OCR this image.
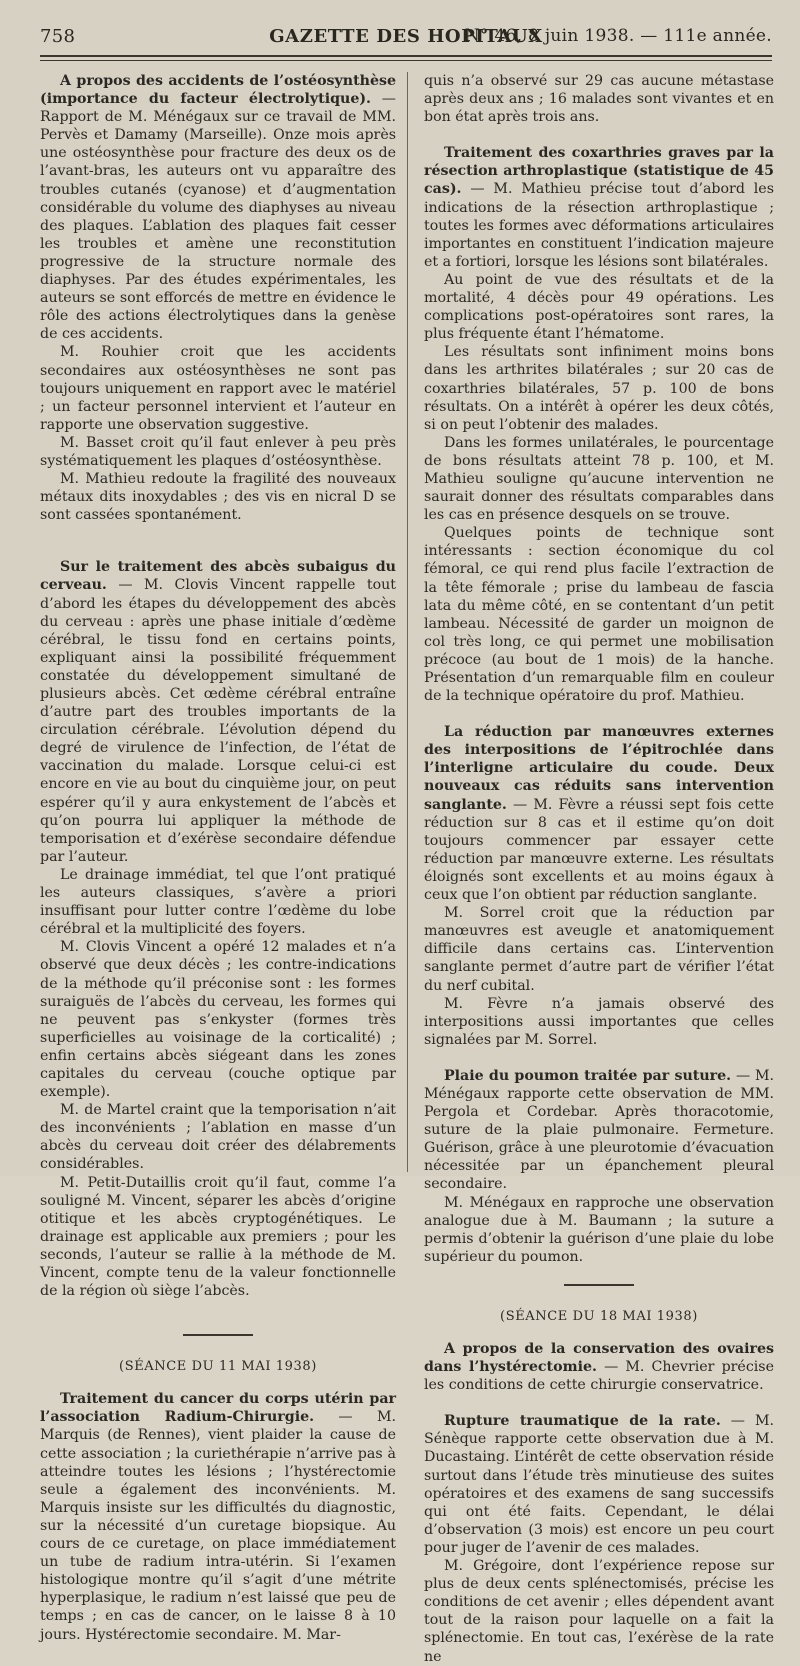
758	GAZETTE DES HOPITAUX
N° 46, 8 juin 1938. — 111e année.

A propos des accidents de l’ostéosynthèse (importance du facteur électrolytique). — Rapport de M. Ménégaux sur ce travail de MM. Pervès et Damamy (Marseille). Onze mois après une ostéosynthèse pour fracture des deux os de l’avant-bras, les auteurs ont vu apparaître des troubles cutanés (cyanose) et d’augmentation considérable du volume des diaphyses au niveau des plaques. L’ablation des plaques fait cesser les troubles et amène une reconstitution progressive de la structure normale des diaphyses. Par des études expérimentales, les auteurs se sont efforcés de mettre en évidence le rôle des actions électrolytiques dans la genèse de ces accidents.

M. Rouhier croit que les accidents secondaires aux ostéosynthèses ne sont pas toujours uniquement en rapport avec le matériel ; un facteur personnel intervient et l’auteur en rapporte une observation suggestive.

M. Basset croit qu’il faut enlever à peu près systématiquement les plaques d’ostéosynthèse.

M. Mathieu redoute la fragilité des nouveaux métaux dits inoxydables ; des vis en nicral D se sont cassées spontanément.

Sur le traitement des abcès subaigus du cerveau. — M. Clovis Vincent rappelle tout d’abord les étapes du développement des abcès du cerveau : après une phase initiale d’œdème cérébral, le tissu fond en certains points, expliquant ainsi la possibilité fréquemment constatée du développement simultané de plusieurs abcès. Cet œdème cérébral entraîne d’autre part des troubles importants de la circulation cérébrale. L’évolution dépend du degré de virulence de l’infection, de l’état de vaccination du malade. Lorsque celui-ci est encore en vie au bout du cinquième jour, on peut espérer qu’il y aura enkystement de l’abcès et qu’on pourra lui appliquer la méthode de temporisation et d’exérèse secondaire défendue par l’auteur.

Le drainage immédiat, tel que l’ont pratiqué les auteurs classiques, s’avère a priori insuffisant pour lutter contre l’œdème du lobe cérébral et la multiplicité des foyers.

M. Clovis Vincent a opéré 12 malades et n’a observé que deux décès ; les contre-indications de la méthode qu’il préconise sont : les formes suraiguës de l’abcès du cerveau, les formes qui ne peuvent pas s’enkyster (formes très superficielles au voisinage de la corticalité) ; enfin certains abcès siégeant dans les zones capitales du cerveau (couche optique par exemple).

M. de Martel craint que la temporisation n’ait des inconvénients ; l’ablation en masse d’un abcès du cerveau doit créer des délabrements considérables.

M. Petit-Dutaillis croit qu’il faut, comme l’a souligné M. Vincent, séparer les abcès d’origine otitique et les abcès cryptogénétiques. Le drainage est applicable aux premiers ; pour les seconds, l’auteur se rallie à la méthode de M. Vincent, compte tenu de la valeur fonctionnelle de la région où siège l’abcès.

(SÉANCE DU 11 MAI 1938)

Traitement du cancer du corps utérin par l’association Radium-Chirurgie. — M. Marquis (de Rennes), vient plaider la cause de cette association ; la curiethérapie n’arrive pas à atteindre toutes les lésions ; l’hystérectomie seule a également des inconvénients. M. Marquis insiste sur les difficultés du diagnostic, sur la nécessité d’un curetage biopsique. Au cours de ce curetage, on place immédiatement un tube de radium intra-utérin. Si l’examen histologique montre qu’il s’agit d’une métrite hyperplasique, le radium n’est laissé que peu de temps ; en cas de cancer, on le laisse 8 à 10 jours. Hystérectomie secondaire. M. Mar-

quis n’a observé sur 29 cas aucune métastase après deux ans ; 16 malades sont vivantes et en bon état après trois ans.

Traitement des coxarthries graves par la résection arthroplastique (statistique de 45 cas). — M. Mathieu précise tout d’abord les indications de la résection arthroplastique ; toutes les formes avec déformations articulaires importantes en constituent l’indication majeure et a fortiori, lorsque les lésions sont bilatérales.

Au point de vue des résultats et de la mortalité, 4 décès pour 49 opérations. Les complications post-opératoires sont rares, la plus fréquente étant l’hématome.

Les résultats sont infiniment moins bons dans les arthrites bilatérales ; sur 20 cas de coxarthries bilatérales, 57 p. 100 de bons résultats. On a intérêt à opérer les deux côtés, si on peut l’obtenir des malades.

Dans les formes unilatérales, le pourcentage de bons résultats atteint 78 p. 100, et M. Mathieu souligne qu’aucune intervention ne saurait donner des résultats comparables dans les cas en présence desquels on se trouve.

Quelques points de technique sont intéressants : section économique du col fémoral, ce qui rend plus facile l’extraction de la tête fémorale ; prise du lambeau de fascia lata du même côté, en se contentant d’un petit lambeau. Nécessité de garder un moignon de col très long, ce qui permet une mobilisation précoce (au bout de 1 mois) de la hanche. Présentation d’un remarquable film en couleur de la technique opératoire du prof. Mathieu.

La réduction par manœuvres externes des interpositions de l’épitrochlée dans l’interligne articulaire du coude. Deux nouveaux cas réduits sans intervention sanglante. — M. Fèvre a réussi sept fois cette réduction sur 8 cas et il estime qu’on doit toujours commencer par essayer cette réduction par manœuvre externe. Les résultats éloignés sont excellents et au moins égaux à ceux que l’on obtient par réduction sanglante.

M. Sorrel croit que la réduction par manœuvres est aveugle et anatomiquement difficile dans certains cas. L’intervention sanglante permet d’autre part de vérifier l’état du nerf cubital.

M. Fèvre n’a jamais observé des interpositions aussi importantes que celles signalées par M. Sorrel.

Plaie du poumon traitée par suture. — M. Ménégaux rapporte cette observation de MM. Pergola et Cordebar. Après thoracotomie, suture de la plaie pulmonaire. Fermeture. Guérison, grâce à une pleurotomie d’évacuation nécessitée par un épanchement pleural secondaire.

M. Ménégaux en rapproche une observation analogue due à M. Baumann ; la suture a permis d’obtenir la guérison d’une plaie du lobe supérieur du poumon.

(SÉANCE DU 18 MAI 1938)

A propos de la conservation des ovaires dans l’hystérectomie. — M. Chevrier précise les conditions de cette chirurgie conservatrice.

Rupture traumatique de la rate. — M. Sénèque rapporte cette observation due à M. Ducastaing. L’intérêt de cette observation réside surtout dans l’étude très minutieuse des suites opératoires et des examens de sang successifs qui ont été faits. Cependant, le délai d’observation (3 mois) est encore un peu court pour juger de l’avenir de ces malades.

M. Grégoire, dont l’expérience repose sur plus de deux cents splénectomisés, précise les conditions de cet avenir ; elles dépendent avant tout de la raison pour laquelle on a fait la splénectomie. En tout cas, l’exérèse de la rate ne
